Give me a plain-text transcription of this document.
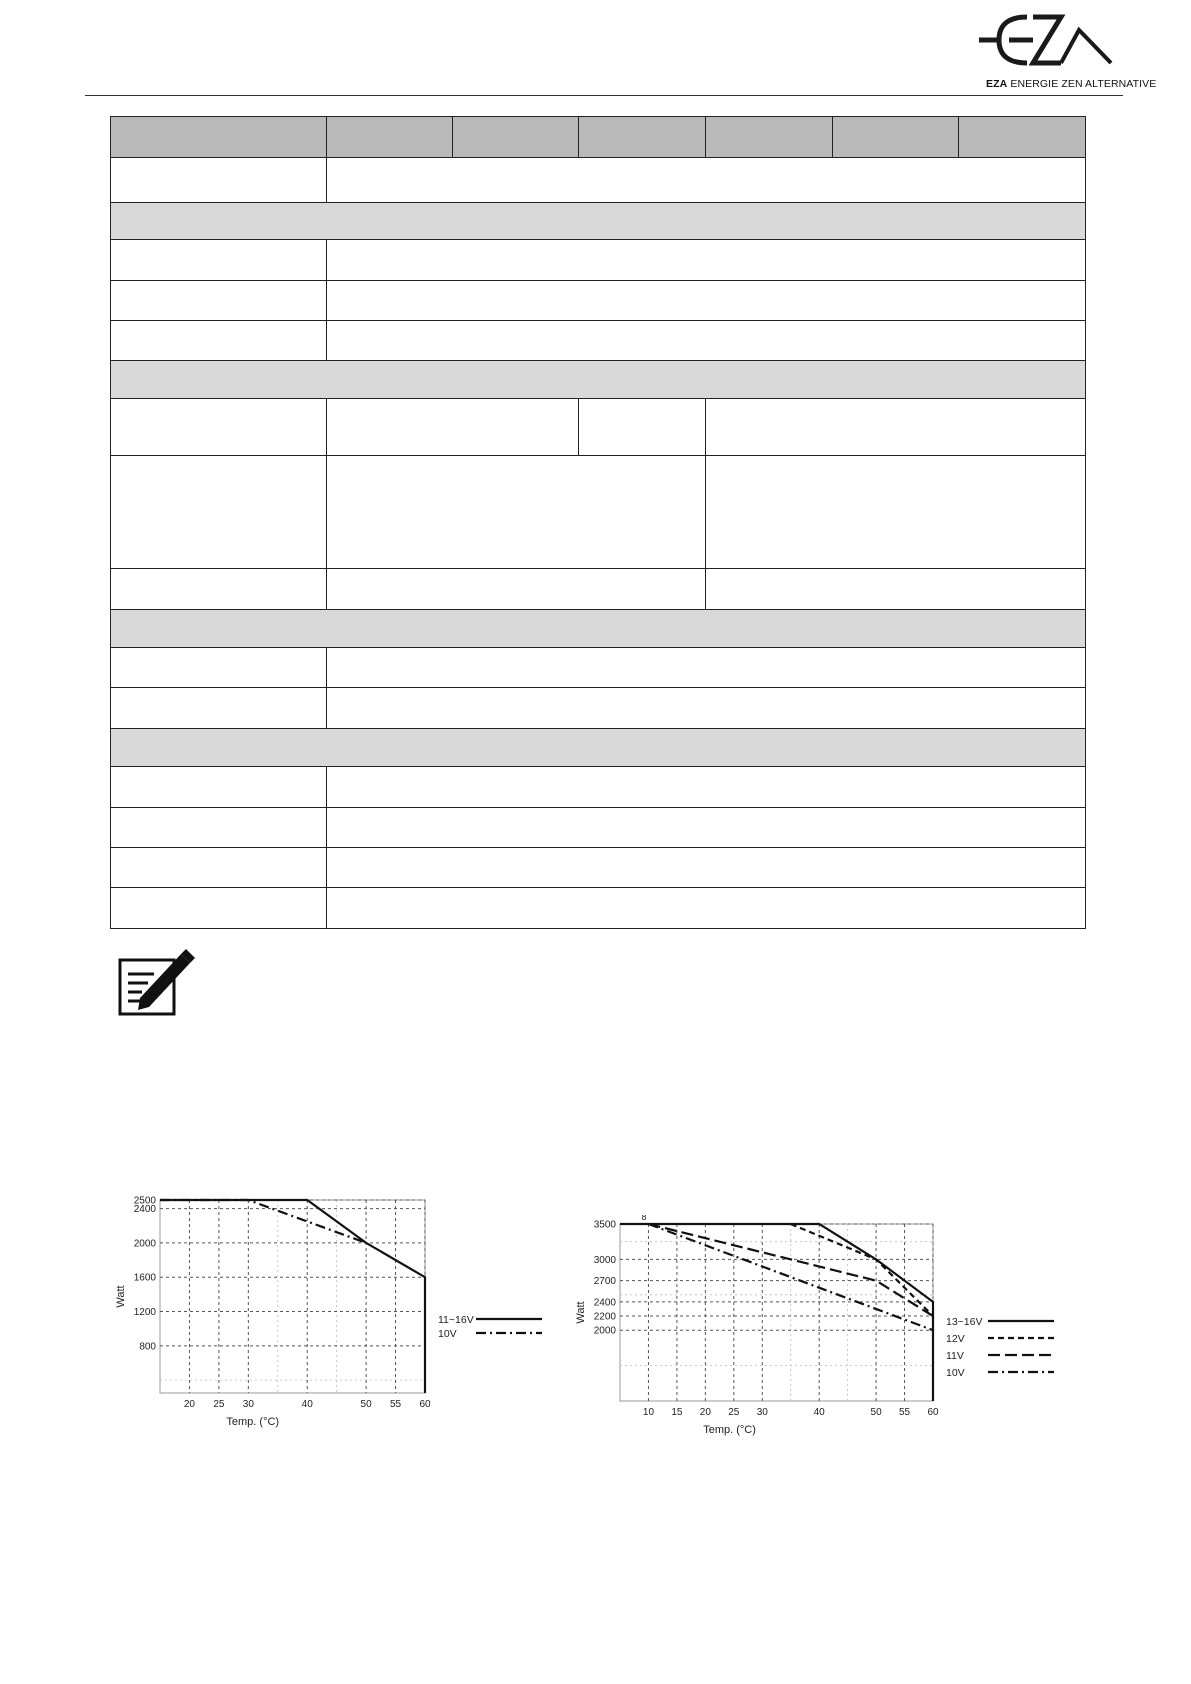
EZA ENERGIE ZEN ALTERNATIVE

20 25 30	40	50 55 60
800
1200
1600
2000
2400
2500
Temp. (°C)
Watt
11~16V
10V
10 15 20 25 30	40	50 55 60
2000
2200
2400
2700
3000
3500
Temp. (°C)
Watt
8
13~16V
12V
11V
10V
